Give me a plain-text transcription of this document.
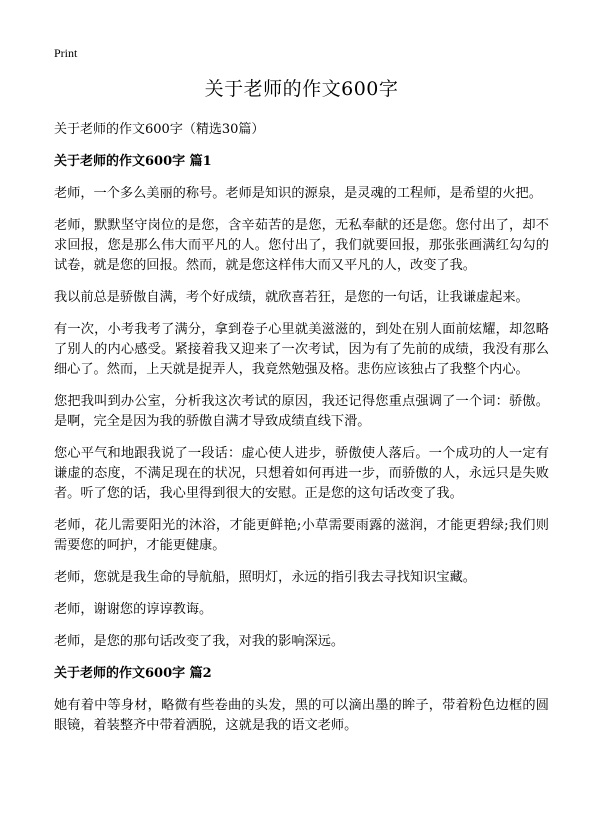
Print
关于老师的作文600字

关于老师的作文600字（精选30篇）

关于老师的作文600字 篇1

老师，一个多么美丽的称号。老师是知识的源泉，是灵魂的工程师，是希望的火把。

老师，默默坚守岗位的是您，含辛茹苦的是您，无私奉献的还是您。您付出了，却不求回报，您是那么伟大而平凡的人。您付出了，我们就要回报，那张张画满红勾勾的试卷，就是您的回报。然而，就是您这样伟大而又平凡的人，改变了我。

我以前总是骄傲自满，考个好成绩，就欣喜若狂，是您的一句话，让我谦虚起来。

有一次，小考我考了满分，拿到卷子心里就美滋滋的，到处在别人面前炫耀，却忽略了别人的内心感受。紧接着我又迎来了一次考试，因为有了先前的成绩，我没有那么细心了。然而，上天就是捉弄人，我竟然勉强及格。悲伤应该独占了我整个内心。

您把我叫到办公室，分析我这次考试的原因，我还记得您重点强调了一个词：骄傲。是啊，完全是因为我的骄傲自满才导致成绩直线下滑。

您心平气和地跟我说了一段话：虚心使人进步，骄傲使人落后。一个成功的人一定有谦虚的态度，不满足现在的状况，只想着如何再进一步，而骄傲的人，永远只是失败者。听了您的话，我心里得到很大的安慰。正是您的这句话改变了我。

老师，花儿需要阳光的沐浴，才能更鲜艳;小草需要雨露的滋润，才能更碧绿;我们则需要您的呵护，才能更健康。

老师，您就是我生命的导航船，照明灯，永远的指引我去寻找知识宝藏。

老师，谢谢您的谆谆教诲。

老师，是您的那句话改变了我，对我的影响深远。

关于老师的作文600字 篇2

她有着中等身材，略微有些卷曲的头发，黑的可以滴出墨的眸子，带着粉色边框的圆眼镜，着装整齐中带着洒脱，这就是我的语文老师。
